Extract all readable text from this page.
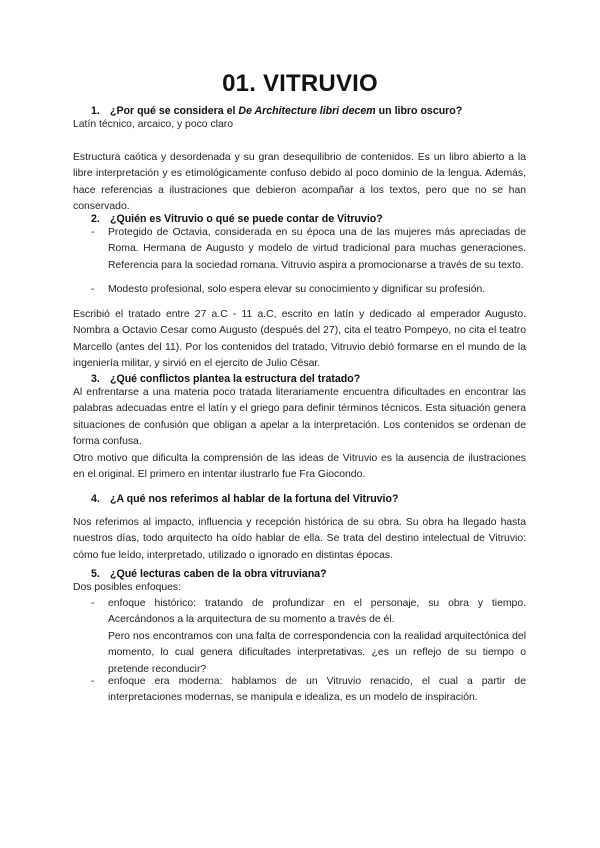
01. VITRUVIO
1. ¿Por qué se considera el De Architecture libri decem un libro oscuro?

Latín técnico, arcaico, y poco claro

Estructura caótica y desordenada y su gran desequilibrio de contenidos. Es un libro abierto a la libre interpretación y es etimológicamente confuso debido al poco dominio de la lengua. Además, hace referencias a ilustraciones que debieron acompañar a los textos, pero que no se han conservado.

2. ¿Quién es Vitruvio o qué se puede contar de Vitruvio?
- Protegido de Octavia, considerada en su época una de las mujeres más apreciadas de Roma. Hermana de Augusto y modelo de virtud tradicional para muchas generaciones. Referencia para la sociedad romana. Vitruvio aspira a promocionarse a través de su texto.

- Modesto profesional, solo espera elevar su conocimiento y dignificar su profesión.

Escribió el tratado entre 27 a.C - 11 a.C, escrito en latín y dedicado al emperador Augusto. Nombra a Octavio Cesar como Augusto (después del 27), cita el teatro Pompeyo, no cita el teatro Marcello (antes del 11). Por los contenidos del tratado, Vitruvio debió formarse en el mundo de la ingeniería militar, y sirvió en el ejercito de Julio César.

3. ¿Qué conflictos plantea la estructura del tratado?

Al enfrentarse a una materia poco tratada literariamente encuentra dificultades en encontrar las palabras adecuadas entre el latín y el griego para definir términos técnicos. Esta situación genera situaciones de confusión que obligan a apelar a la interpretación. Los contenidos se ordenan de forma confusa.

Otro motivo que dificulta la comprensión de las ideas de Vitruvio es la ausencia de ilustraciones en el original. El primero en intentar ilustrarlo fue Fra Giocondo.

4. ¿A qué nos referimos al hablar de la fortuna del Vitruvio?

Nos referimos al impacto, influencia y recepción histórica de su obra. Su obra ha llegado hasta nuestros días, todo arquitecto ha oído hablar de ella. Se trata del destino intelectual de Vitruvio: cómo fue leído, interpretado, utilizado o ignorado en distintas épocas.

5. ¿Qué lecturas caben de la obra vitruviana?

Dos posibles enfoques:

- enfoque histórico: tratando de profundizar en el personaje, su obra y tiempo. Acercándonos a la arquitectura de su momento a través de él.

Pero nos encontramos con una falta de correspondencia con la realidad arquitectónica del momento, lo cual genera dificultades interpretativas. ¿es un reflejo de su tiempo o pretende reconducir?

- enfoque era moderna: hablamos de un Vitruvio renacido, el cual a partir de interpretaciones modernas, se manipula e idealiza, es un modelo de inspiración.
